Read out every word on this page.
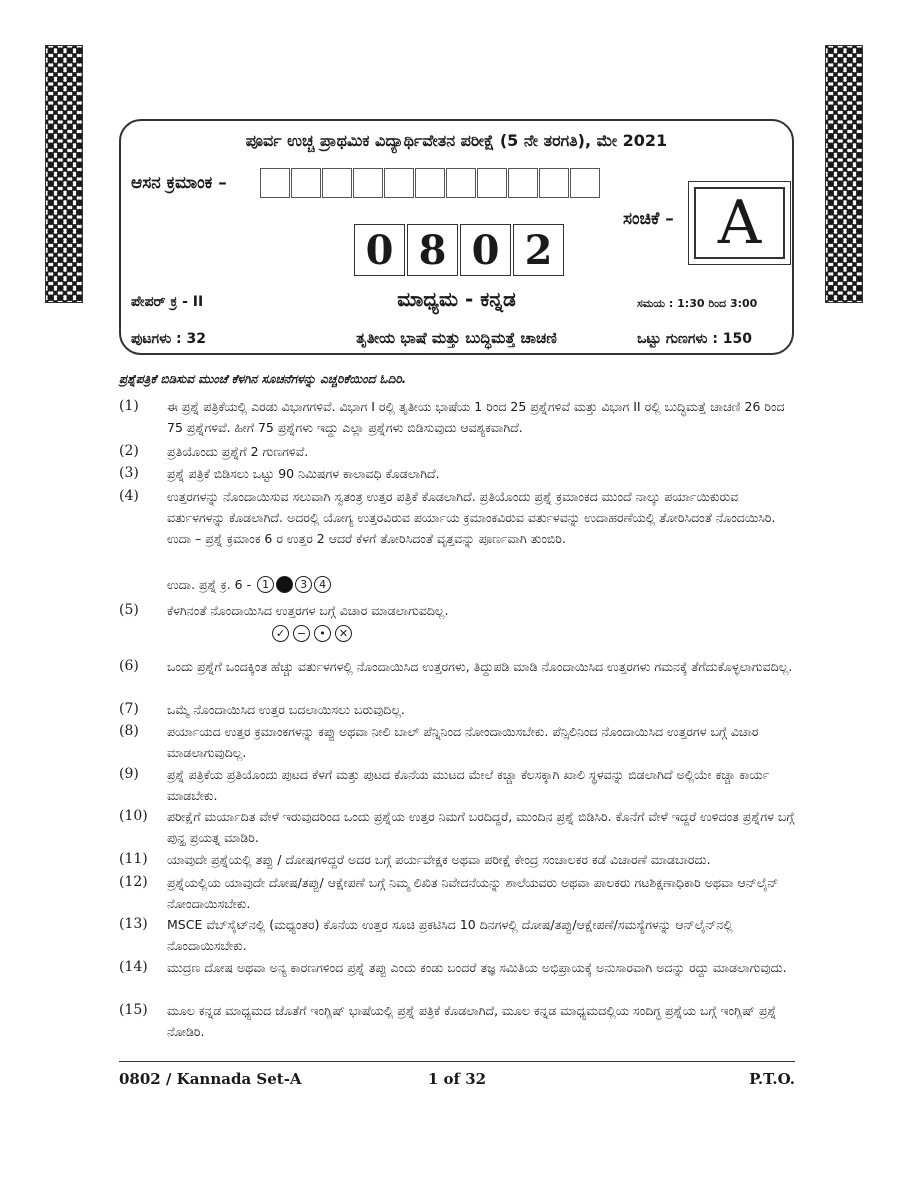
ಪೂರ್ವ ಉಚ್ಚ ಪ್ರಾಥಮಿಕ ವಿದ್ಯಾರ್ಥಿವೇತನ ಪರೀಕ್ಷೆ (5 ನೇ ತರಗತಿ), ಮೇ 2021
ಆಸನ ಕ್ರಮಾಂಕ –
0 8 0 2
ಸಂಚಿಕೆ – A
ಪೇಪರ್ ಕ್ರ - II	ಮಾಧ್ಯಮ - ಕನ್ನಡ	ಸಮಯ : 1:30 ರಿಂದ 3:00
ಪುಟಗಳು : 32	ತೃತೀಯ ಭಾಷೆ ಮತ್ತು ಬುದ್ಧಿಮತ್ತೆ ಚಾಚಣಿ	ಒಟ್ಟು ಗುಣಗಳು : 150
ಪ್ರಶ್ನೆಪತ್ರಿಕೆ ಬಿಡಿಸುವ ಮುಂಚೆ ಕೆಳಗಿನ ಸೂಚನೆಗಳನ್ನು ಎಚ್ಚರಿಕೆಯಿಂದ ಓದಿರಿ.
(1) ಈ ಪ್ರಶ್ನೆ ಪತ್ರಿಕೆಯಲ್ಲಿ ಎರಡು ವಿಭಾಗಗಳಿವೆ. ವಿಭಾಗ I ರಲ್ಲಿ ತೃತೀಯ ಭಾಷೆಯ 1 ರಿಂದ 25 ಪ್ರಶ್ನೆಗಳಿವೆ ಮತ್ತು ವಿಭಾಗ II ರಲ್ಲಿ ಬುದ್ಧಿಮತ್ತೆ ಚಾಚಣಿ 26 ರಿಂದ 75 ಪ್ರಶ್ನೆಗಳಿವೆ. ಹೀಗೆ 75 ಪ್ರಶ್ನೆಗಳು ಇದ್ದು ಎಲ್ಲಾ ಪ್ರಶ್ನೆಗಳು ಬಿಡಿಸುವುದು ಆವಶ್ಯಕವಾಗಿದೆ.
(2) ಪ್ರತಿಯೊಂದು ಪ್ರಶ್ನೆಗೆ 2 ಗುಣಗಳಿವೆ.
(3) ಪ್ರಶ್ನೆ ಪತ್ರಿಕೆ ಬಿಡಿಸಲು ಒಟ್ಟು 90 ನಿಮಿಷಗಳ ಕಾಲಾವಧಿ ಕೊಡಲಾಗಿದೆ.
(4) ಉತ್ತರಗಳನ್ನು ನೊಂದಾಯಿಸುವ ಸಲುವಾಗಿ ಸ್ವತಂತ್ರ ಉತ್ತರ ಪತ್ರಿಕೆ ಕೊಡಲಾಗಿದೆ. ಪ್ರತಿಯೊಂದು ಪ್ರಶ್ನೆ ಕ್ರಮಾಂಕದ ಮುಂದೆ ನಾಲ್ಕು ಪರ್ಯಾಯಿಕುರುವ ವರ್ತುಳಗಳನ್ನು ಕೊಡಲಾಗಿದೆ. ಅದರಲ್ಲಿ ಯೋಗ್ಯ ಉತ್ತರವಿರುವ ಪರ್ಯಾಯ ಕ್ರಮಾಂಕವಿರುವ ವರ್ತುಳವನ್ನು ಉದಾಹರಣೆಯಲ್ಲಿ ತೋರಿಸಿದಂತೆ ನೊಂದಯಿಸಿರಿ. ಉದಾ – ಪ್ರಶ್ನೆ ಕ್ರಮಾಂಕ 6 ರ ಉತ್ತರ 2 ಆದರೆ ಕೆಳಗೆ ತೋರಿಸಿದಂತೆ ವೃತ್ತವನ್ನು ಪೂರ್ಣವಾಗಿ ತುಂಬಿರಿ.
ಉದಾ. ಪ್ರಶ್ನೆ ಕ್ರ. 6 -	1	3	4
(5) ಕೆಳಗಿನಂತೆ ನೊಂದಾಯಿಸಿದ ಉತ್ತರಗಳ ಬಗ್ಗೆ ವಿಚಾರ ಮಾಡಲಾಗುವದಿಲ್ಲ.
✓	−	•	✕
(6) ಒಂದು ಪ್ರಶ್ನೆಗೆ ಒಂದಕ್ಕಿಂತ ಹೆಚ್ಚು ವರ್ತುಳಗಳಲ್ಲಿ ನೊಂದಾಯಿಸಿದ ಉತ್ತರಗಳು, ತಿದ್ದುಪಡಿ ಮಾಡಿ ನೊಂದಾಯಿಸಿದ ಉತ್ತರಗಳು ಗಮನಕ್ಕೆ ತೆಗೆದುಕೊಳ್ಳಲಾಗುವದಿಲ್ಲ.
(7) ಒಮ್ಮೆ ನೊಂದಾಯಿಸಿದ ಉತ್ತರ ಬದಲಾಯಿಸಲು ಬರುವುದಿಲ್ಲ.
(8) ಪರ್ಯಾಯದ ಉತ್ತರ ಕ್ರಮಾಂಕಗಳನ್ನು ಕಪ್ಪು ಅಥವಾ ನೀಲಿ ಬಾಲ್ ಪೆನ್ನಿನಿಂದ ನೋಂದಾಯಿಸಬೇಕು. ಪೆನ್ಸಿಲಿನಿಂದ ನೊಂದಾಯಿಸಿದ ಉತ್ತರಗಳ ಬಗ್ಗೆ ವಿಚಾರ ಮಾಡಲಾಗುವುದಿಲ್ಲ.
(9) ಪ್ರಶ್ನೆ ಪತ್ರಿಕೆಯ ಪ್ರತಿಯೊಂದು ಪುಟದ ಕೆಳಗೆ ಮತ್ತು ಪುಟದ ಕೊನೆಯ ಮುಟದ ಮೇಲೆ ಕಚ್ಚಾ ಕೆಲಸಕ್ಕಾಗಿ ಖಾಲಿ ಸ್ಥಳವನ್ನು ಬಿಡಲಾಗಿದೆ ಅಲ್ಲಿಯೇ ಕಚ್ಚಾ ಕಾರ್ಯ ಮಾಡಬೇಕು.
(10) ಪರೀಕ್ಷೆಗೆ ಮರ್ಯಾದಿತ ವೇಳೆ ಇರುವುದರಿಂದ ಒಂದು ಪ್ರಶ್ನೆಯ ಉತ್ತರ ನಿಮಗೆ ಬರದಿದ್ದರೆ, ಮುಂದಿನ ಪ್ರಶ್ನೆ ಬಿಡಿಸಿರಿ. ಕೊನೆಗೆ ವೇಳೆ ಇದ್ದರೆ ಉಳಿದಂತ ಪ್ರಶ್ನೆಗಳ ಬಗ್ಗೆ ಪುನ್ಹ ಪ್ರಯತ್ನ ಮಾಡಿರಿ.
(11) ಯಾವುದೇ ಪ್ರಶ್ನೆಯಲ್ಲಿ ತಪ್ಪು / ದೋಷಗಳಿದ್ದರೆ ಅದರ ಬಗ್ಗೆ ಪರ್ಯವೇಕ್ಷಕ ಅಥವಾ ಪರೀಕ್ಷೆ ಕೇಂದ್ರ ಸಂಚಾಲಕರ ಕಡೆ ವಿಚಾರಣೆ ಮಾಡಬಾರದು.
(12) ಪ್ರಶ್ನೆಯಲ್ಲಿಯ ಯಾವುದೇ ದೋಷ/ತಪ್ಪು/ ಆಕ್ಷೇಪಣೆ ಬಗ್ಗೆ ನಿಮ್ಮ ಲಿಖಿತ ನಿವೇದನೆಯನ್ನು ಶಾಲೆಯವರು ಅಥವಾ ಪಾಲಕರು ಗಟಶಿಕ್ಷಣಾಧಿಕಾರಿ ಅಥವಾ ಆನ್‌ಲೈನ್ ನೋಂದಾಯಿಸಬೇಕು.
(13) MSCE ವೆಬ್‌ಸೈಟ್‌ನಲ್ಲಿ (ಮಧ್ಯಂತರ) ಕೊನೆಯ ಉತ್ತರ ಸೂಚಿ ಪ್ರಕಟಿಸಿದ 10 ದಿನಗಳಲ್ಲಿ ದೋಷ/ತಪ್ಪು/ಆಕ್ಷೇಪಣೆ/ಸಮಸ್ಯೆಗಳನ್ನು ಆನ್‌ಲೈನ್‌ನಲ್ಲಿ ನೊಂದಾಯಿಸಬೇಕು.
(14) ಮುದ್ರಣ ದೋಷ ಅಥವಾ ಅನ್ಯ ಕಾರಣಗಳಿಂದ ಪ್ರಶ್ನೆ ತಪ್ಪು ಎಂದು ಕಂಡು ಬಂದರೆ ತಜ್ಞ ಸಮಿತಿಯ ಅಭಿಪ್ರಾಯಕ್ಕೆ ಅನುಸಾರವಾಗಿ ಅದನ್ನು ರದ್ದು ಮಾಡಲಾಗುವುದು.
(15) ಮೂಲ ಕನ್ನಡ ಮಾಧ್ಯಮದ ಜೊತೆಗೆ ಇಂಗ್ಲಿಷ್ ಭಾಷೆಯಲ್ಲಿ ಪ್ರಶ್ನೆ ಪತ್ರಿಕೆ ಕೊಡಲಾಗಿದೆ, ಮೂಲ ಕನ್ನಡ ಮಾಧ್ಯಮದಲ್ಲಿಯ ಸಂದಿಗ್ಧ ಪ್ರಶ್ನೆಯ ಬಗ್ಗೆ ಇಂಗ್ಲಿಷ್ ಪ್ರಶ್ನೆ ನೋಡಿರಿ.
0802 / Kannada Set-A	1 of 32	P.T.O.
